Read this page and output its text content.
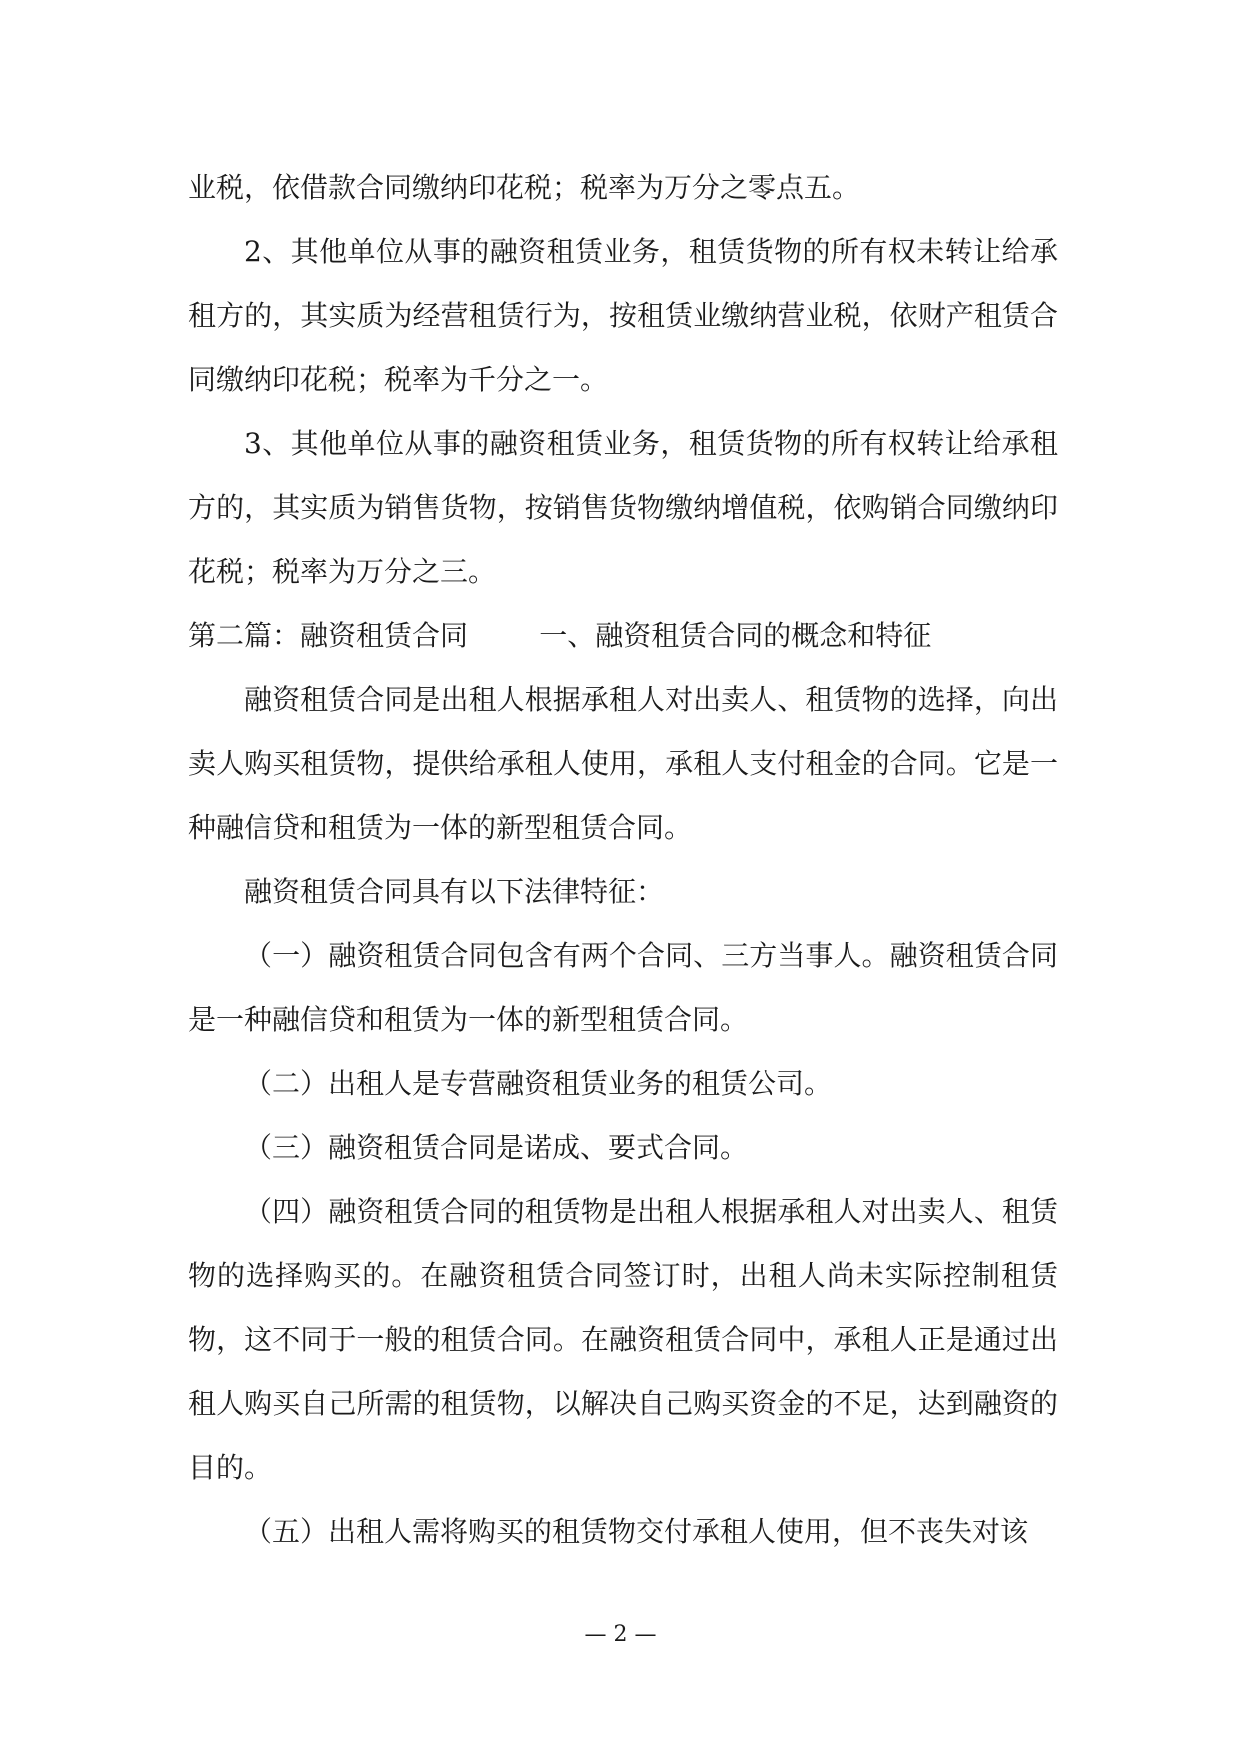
业税，依借款合同缴纳印花税；税率为万分之零点五。

2、其他单位从事的融资租赁业务，租赁货物的所有权未转让给承租方的，其实质为经营租赁行为，按租赁业缴纳营业税，依财产租赁合同缴纳印花税；税率为千分之一。

3、其他单位从事的融资租赁业务，租赁货物的所有权转让给承租方的，其实质为销售货物，按销售货物缴纳增值税，依购销合同缴纳印花税；税率为万分之三。

第二篇：融资租赁合同	一、融资租赁合同的概念和特征

融资租赁合同是出租人根据承租人对出卖人、租赁物的选择，向出卖人购买租赁物，提供给承租人使用，承租人支付租金的合同。它是一种融信贷和租赁为一体的新型租赁合同。

融资租赁合同具有以下法律特征：

（一）融资租赁合同包含有两个合同、三方当事人。融资租赁合同是一种融信贷和租赁为一体的新型租赁合同。

（二）出租人是专营融资租赁业务的租赁公司。

（三）融资租赁合同是诺成、要式合同。

（四）融资租赁合同的租赁物是出租人根据承租人对出卖人、租赁物的选择购买的。在融资租赁合同签订时，出租人尚未实际控制租赁物，这不同于一般的租赁合同。在融资租赁合同中，承租人正是通过出租人购买自己所需的租赁物，以解决自己购买资金的不足，达到融资的目的。

（五）出租人需将购买的租赁物交付承租人使用，但不丧失对该

— 2 —
